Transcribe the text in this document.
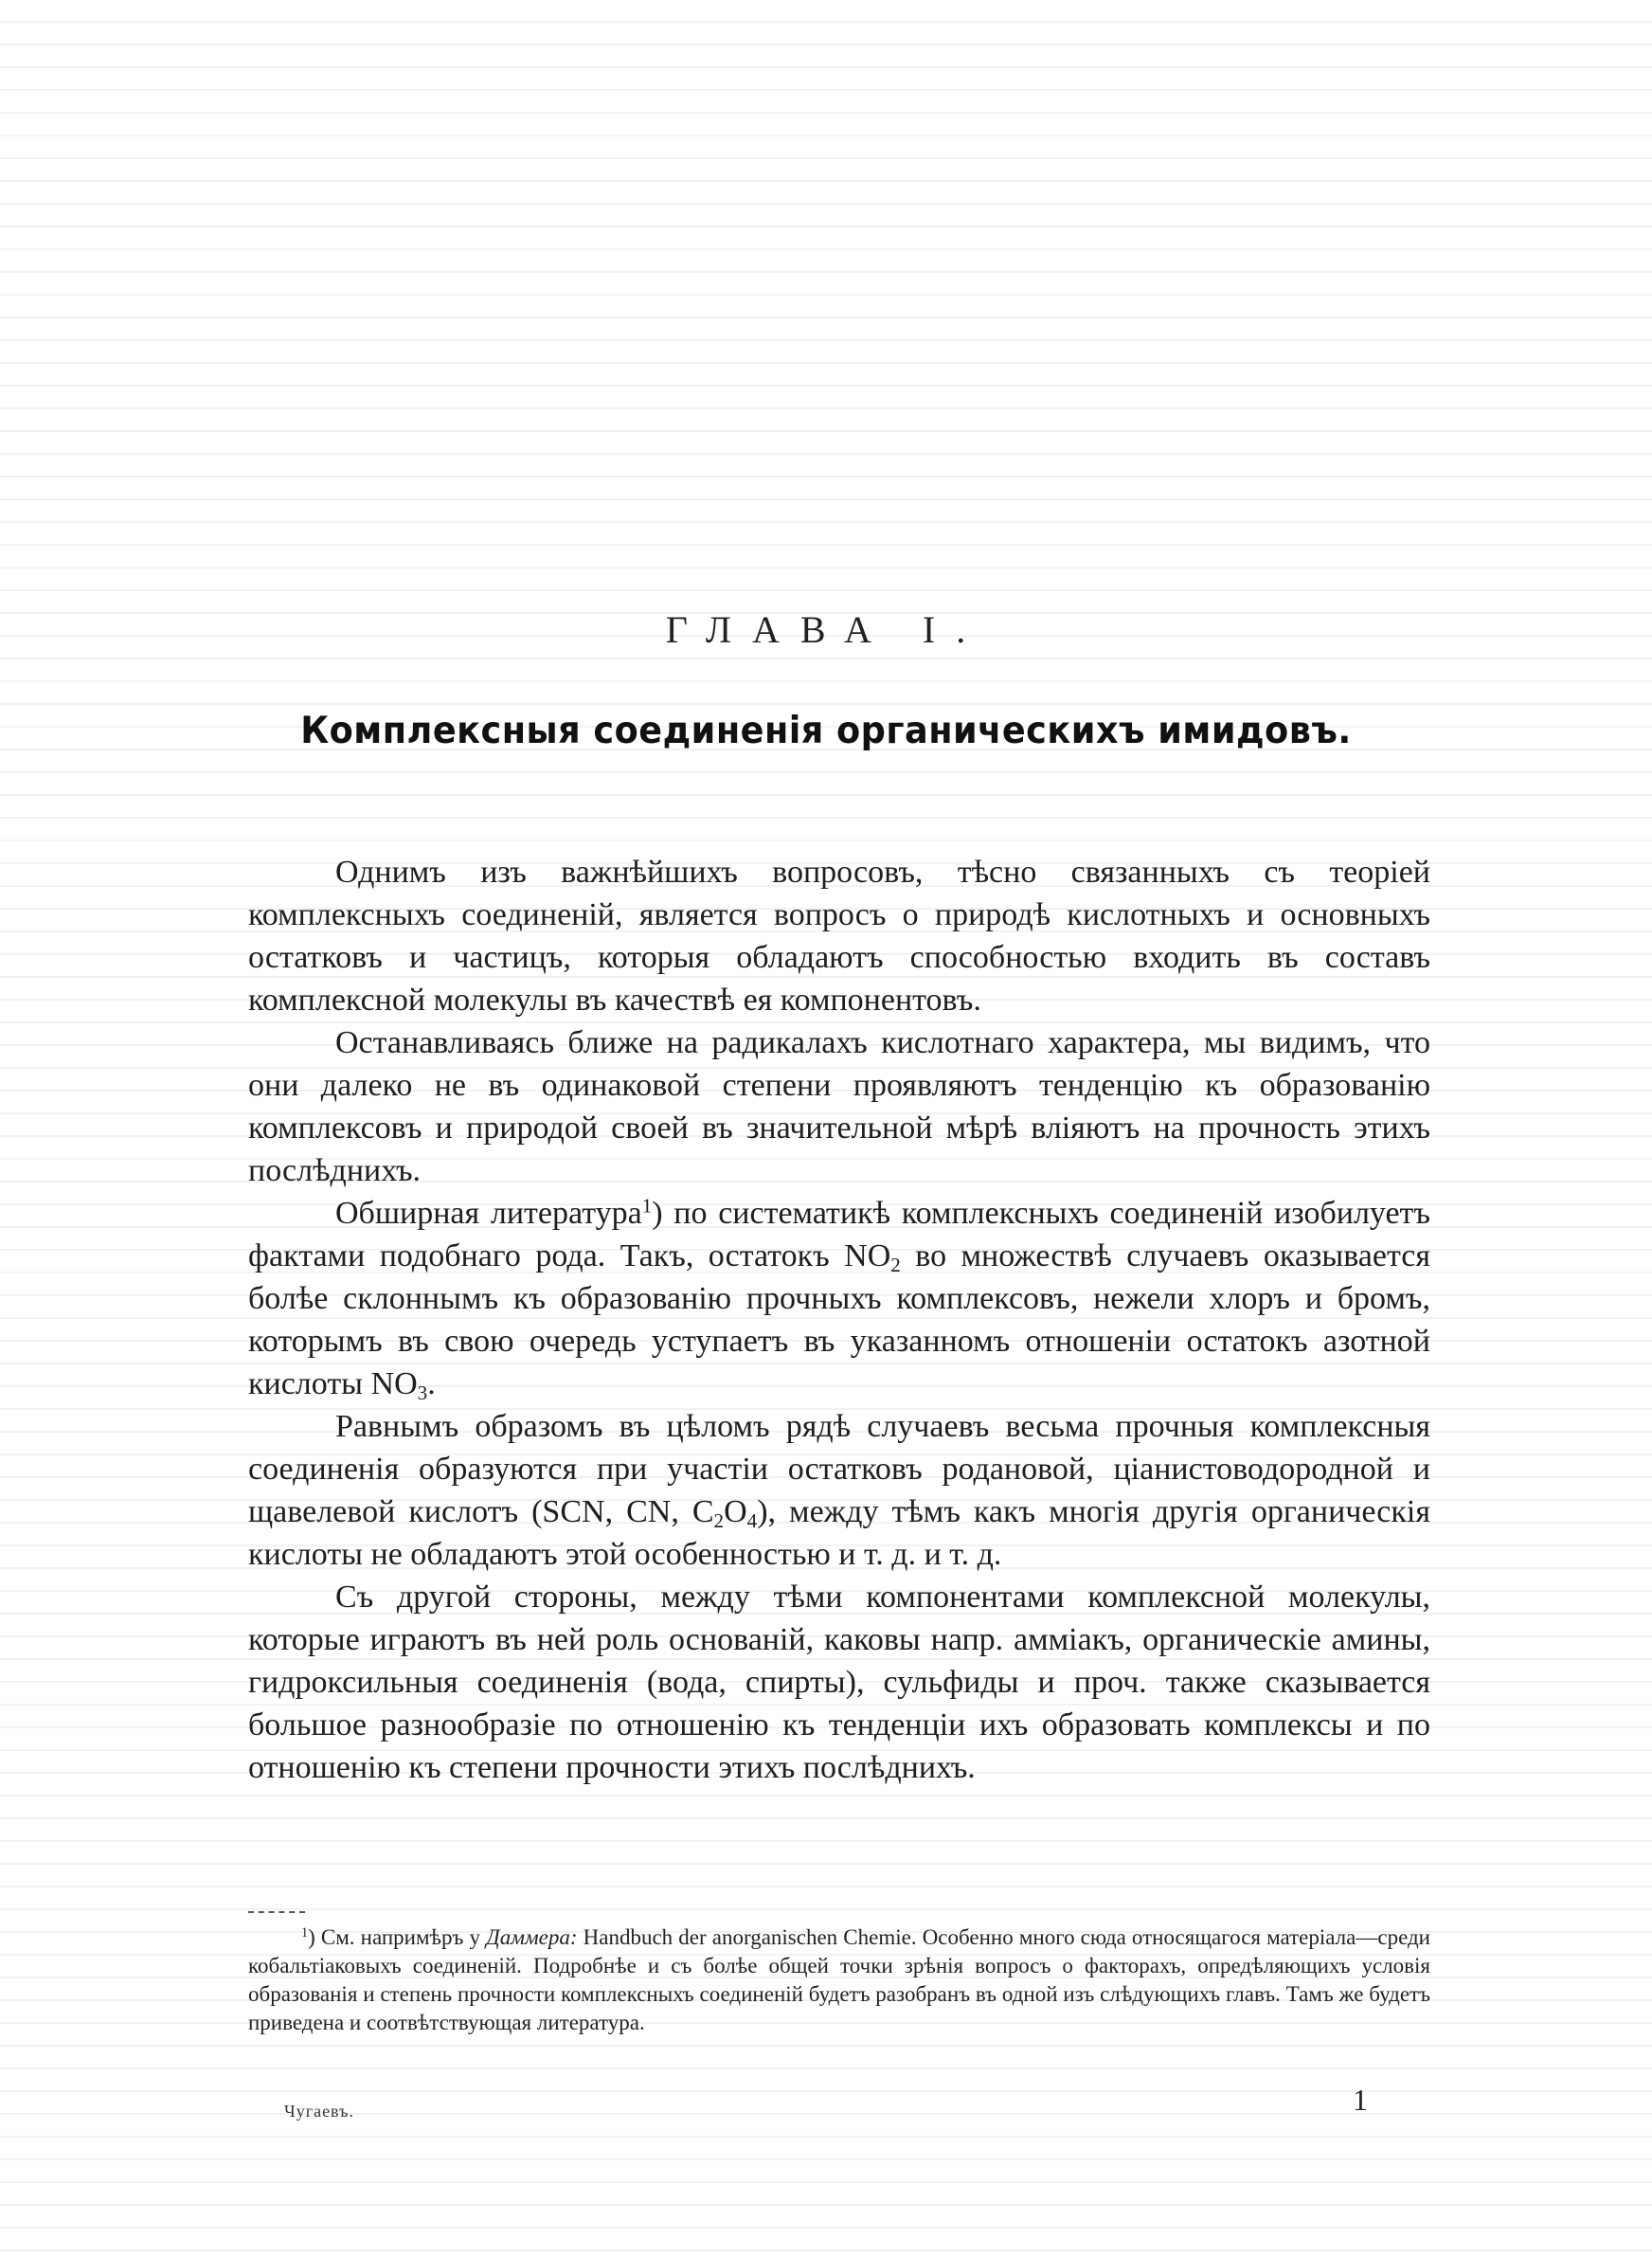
ГЛАВА I.
Комплексныя соединенія органическихъ имидовъ.

Однимъ изъ важнѣйшихъ вопросовъ, тѣсно связанныхъ съ теоріей комплексныхъ соединеній, является вопросъ о природѣ кислотныхъ и основныхъ остатковъ и частицъ, которыя обладаютъ способностью входить въ составъ комплексной молекулы въ качествѣ ея компонентовъ.

Останавливаясь ближе на радикалахъ кислотнаго характера, мы видимъ, что они далеко не въ одинаковой степени проявляютъ тенденцію къ образованію комплексовъ и природой своей въ значительной мѣрѣ вліяютъ на прочность этихъ послѣднихъ.

Обширная литература$^1$) по систематикѣ комплексныхъ соединеній изобилуетъ фактами подобнаго рода. Такъ, остатокъ $NO_2$ во множествѣ случаевъ оказывается болѣе склоннымъ къ образованію прочныхъ комплексовъ, нежели хлоръ и бромъ, которымъ въ свою очередь уступаетъ въ указанномъ отношеніи остатокъ азотной кислоты $NO_3$.

Равнымъ образомъ въ цѣломъ рядѣ случаевъ весьма прочныя комплексныя соединенія образуются при участіи остатковъ родановой, ціанистоводородной и щавелевой кислотъ (SCN, CN, $C_2O_4$), между тѣмъ какъ многія другія органическія кислоты не обладаютъ этой особенностью и т. д. и т. д.

Съ другой стороны, между тѣми компонентами комплексной молекулы, которые играютъ въ ней роль основаній, каковы напр. амміакъ, органическіе амины, гидроксильныя соединенія (вода, спирты), сульфиды и проч. также сказывается большое разнообразіе по отношенію къ тенденціи ихъ образовать комплексы и по отношенію къ степени прочности этихъ послѣднихъ.

$^1$) См. напримѣръ у Даммера: Handbuch der anorganischen Chemie. Особенно много сюда относящагося матеріала—среди кобальтіаковыхъ соединеній. Подробнѣе и съ болѣе общей точки зрѣнія вопросъ о факторахъ, опредѣляющихъ условія образованія и степень прочности комплексныхъ соединеній будетъ разобранъ въ одной изъ слѣдующихъ главъ. Тамъ же будетъ приведена и соотвѣтствующая литература.

Чугаевъ.	1
